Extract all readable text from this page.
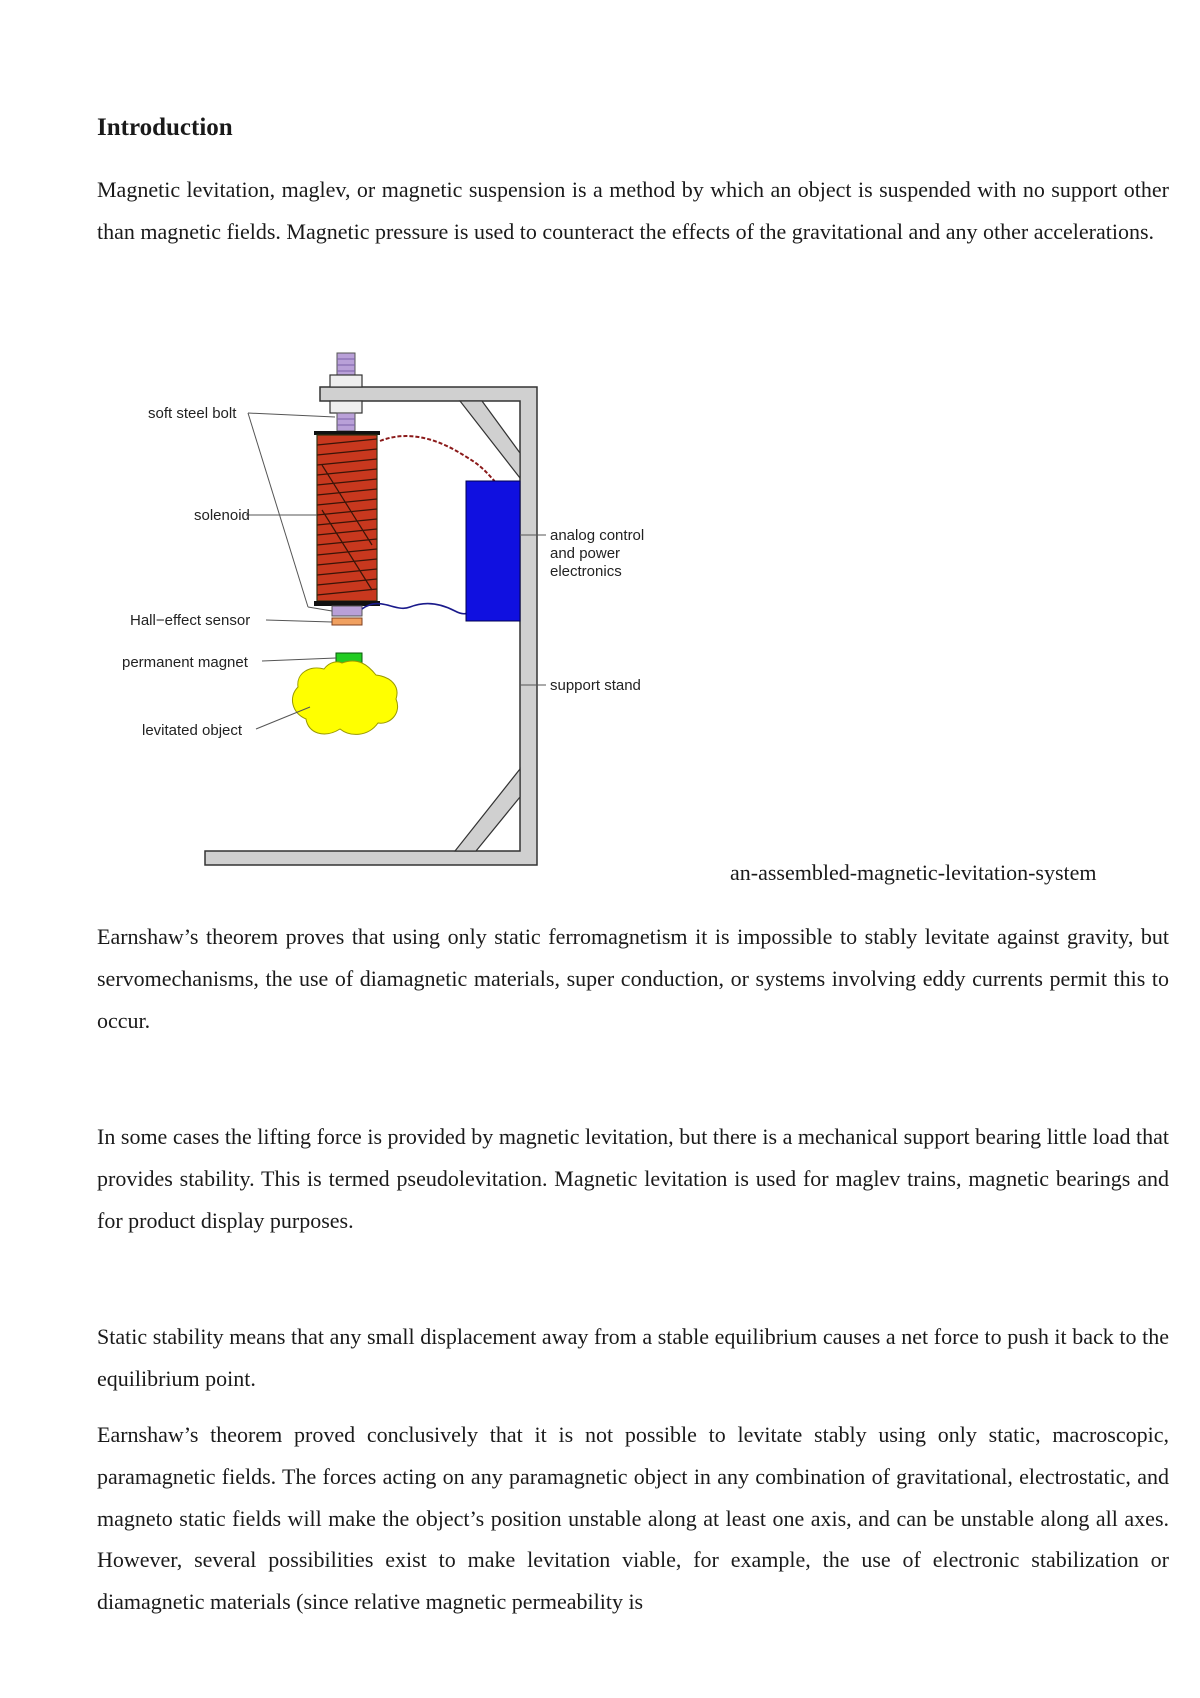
Introduction

Magnetic levitation, maglev, or magnetic suspension is a method by which an object is suspended with no support other than magnetic fields. Magnetic pressure is used to counteract the effects of the gravitational and any other accelerations.

soft steel bolt
solenoid
Hall−effect sensor
permanent magnet
levitated object
analog control
and power
electronics
support stand

an-assembled-magnetic-levitation-system

Earnshaw’s theorem proves that using only static ferromagnetism it is impossible to stably levitate against gravity, but servomechanisms, the use of diamagnetic materials, super conduction, or systems involving eddy currents permit this to occur.

In some cases the lifting force is provided by magnetic levitation, but there is a mechanical support bearing little load that provides stability. This is termed pseudolevitation. Magnetic levitation is used for maglev trains, magnetic bearings and for product display purposes.

Static stability means that any small displacement away from a stable equilibrium causes a net force to push it back to the equilibrium point.

Earnshaw’s theorem proved conclusively that it is not possible to levitate stably using only static, macroscopic, paramagnetic fields. The forces acting on any paramagnetic object in any combination of gravitational, electrostatic, and magneto static fields will make the object’s position unstable along at least one axis, and can be unstable along all axes. However, several possibilities exist to make levitation viable, for example, the use of electronic stabilization or diamagnetic materials (since relative magnetic permeability is
